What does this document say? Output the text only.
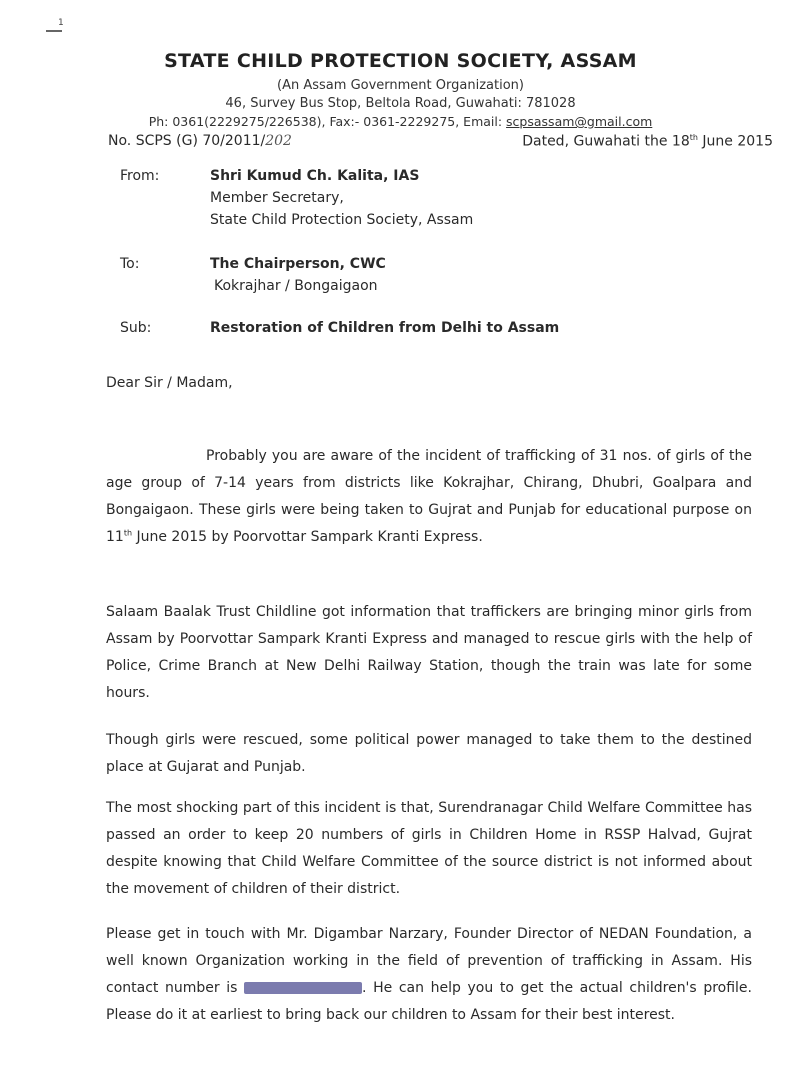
1
STATE CHILD PROTECTION SOCIETY, ASSAM
(An Assam Government Organization)
46, Survey Bus Stop, Beltola Road, Guwahati: 781028
Ph: 0361(2229275/226538), Fax:- 0361-2229275, Email: scpsassam@gmail.com
No. SCPS (G) 70/2011/202	Dated, Guwahati the 18th June 2015
From:	Shri Kumud Ch. Kalita, IAS
Member Secretary,
State Child Protection Society, Assam
To:	The Chairperson, CWC
Kokrajhar / Bongaigaon
Sub:	Restoration of Children from Delhi to Assam
Dear Sir / Madam,
Probably you are aware of the incident of trafficking of 31 nos. of girls of the age group of 7-14 years from districts like Kokrajhar, Chirang, Dhubri, Goalpara and Bongaigaon. These girls were being taken to Gujrat and Punjab for educational purpose on 11th June 2015 by Poorvottar Sampark Kranti Express.
Salaam Baalak Trust Childline got information that traffickers are bringing minor girls from Assam by Poorvottar Sampark Kranti Express and managed to rescue girls with the help of Police, Crime Branch at New Delhi Railway Station, though the train was late for some hours.
Though girls were rescued, some political power managed to take them to the destined place at Gujarat and Punjab.
The most shocking part of this incident is that, Surendranagar Child Welfare Committee has passed an order to keep 20 numbers of girls in Children Home in RSSP Halvad, Gujrat despite knowing that Child Welfare Committee of the source district is not informed about the movement of children of their district.
Please get in touch with Mr. Digambar Narzary, Founder Director of NEDAN Foundation, a well known Organization working in the field of prevention of trafficking in Assam. His contact number is	. He can help you to get the actual children's profile. Please do it at earliest to bring back our children to Assam for their best interest.
